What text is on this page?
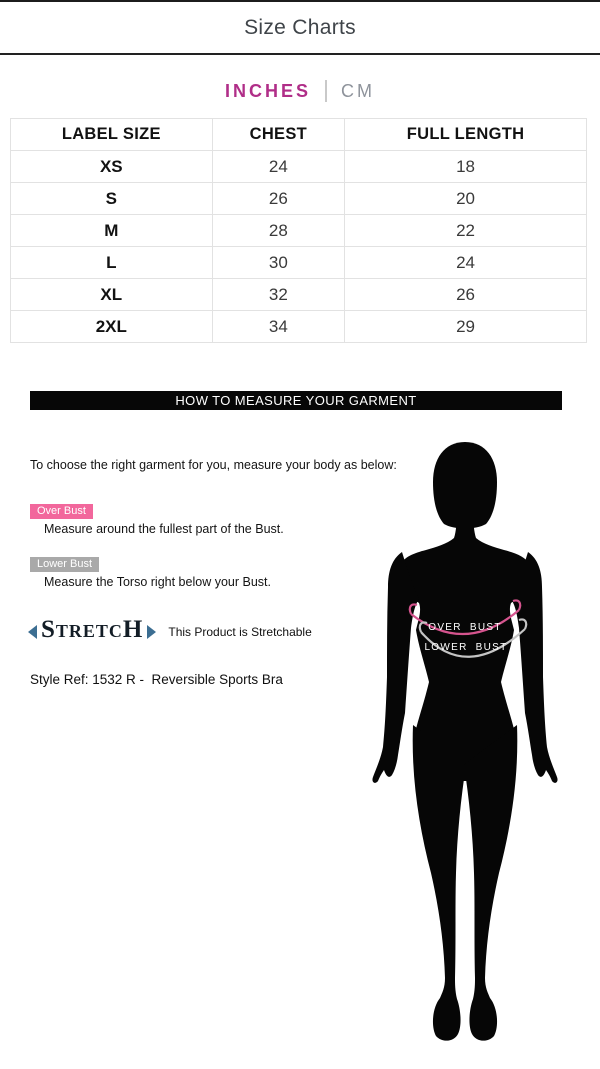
Size Charts
INCHES CM
LABEL SIZE	CHEST	FULL LENGTH
XS	24	18
S	26	20
M	28	22
L	30	24
XL	32	26
2XL	34	29
HOW TO MEASURE YOUR GARMENT
To choose the right garment for you, measure your body as below:
Over Bust
Measure around the fullest part of the Bust.
Lower Bust
Measure the Torso right below your Bust.
STRETCH This Product is Stretchable
Style Ref: 1532 R -  Reversible Sports Bra
OVER BUST
LOWER BUST
